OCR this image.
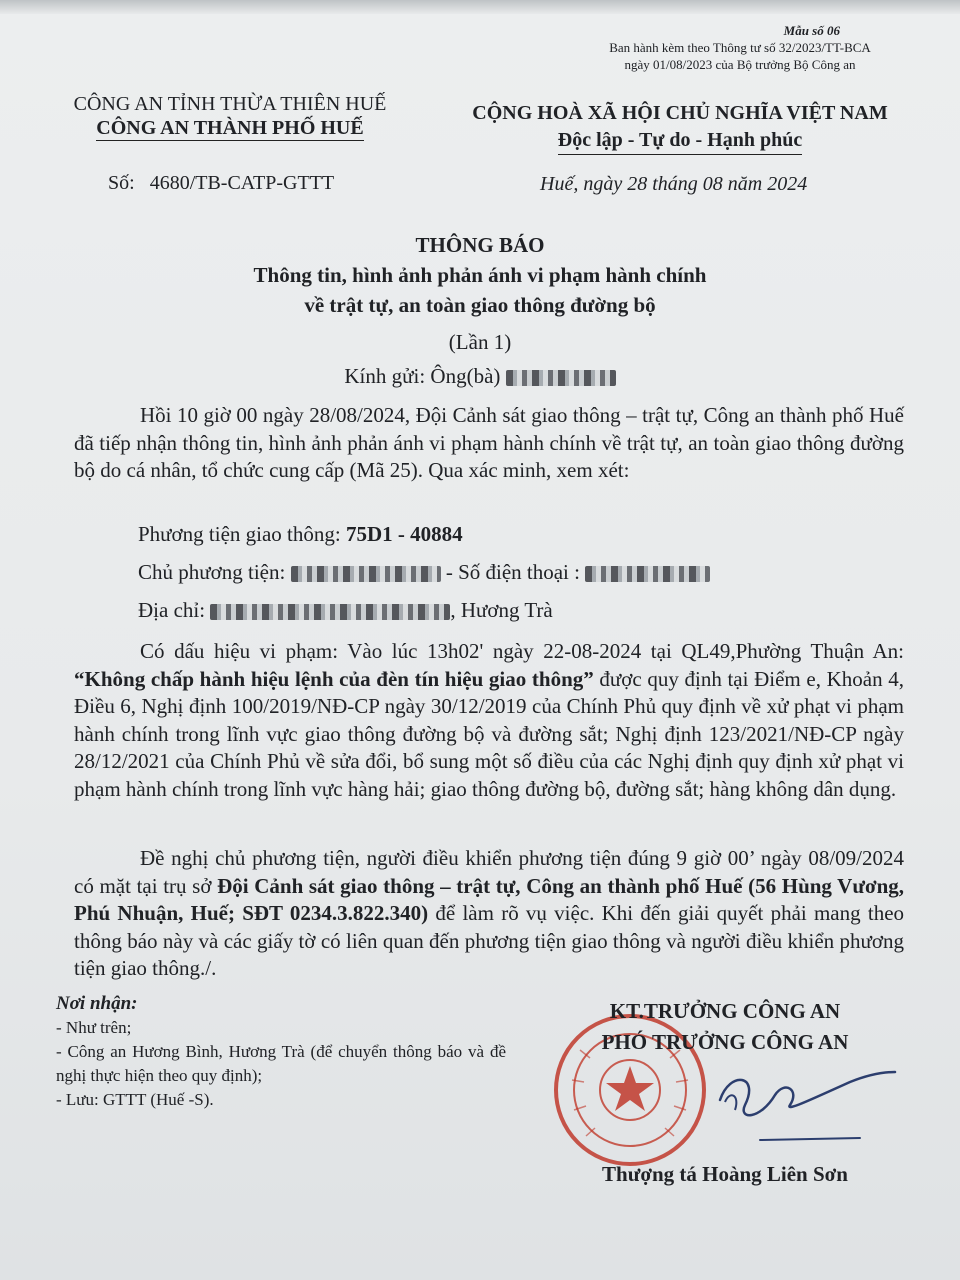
Mẫu số 06
Ban hành kèm theo Thông tư số 32/2023/TT-BCA
ngày 01/08/2023 của Bộ trưởng Bộ Công an
CÔNG AN TỈNH THỪA THIÊN HUẾ
CÔNG AN THÀNH PHỐ HUẾ
CỘNG HOÀ XÃ HỘI CHỦ NGHĨA VIỆT NAM
Độc lập - Tự do - Hạnh phúc
Số: 4680/TB-CATP-GTTT	Huế, ngày 28 tháng 08 năm 2024
THÔNG BÁO
Thông tin, hình ảnh phản ánh vi phạm hành chính
về trật tự, an toàn giao thông đường bộ
(Lần 1)
Kính gửi: Ông(bà)
Hồi 10 giờ 00 ngày 28/08/2024, Đội Cảnh sát giao thông – trật tự, Công an thành phố Huế đã tiếp nhận thông tin, hình ảnh phản ánh vi phạm hành chính về trật tự, an toàn giao thông đường bộ do cá nhân, tổ chức cung cấp (Mã 25). Qua xác minh, xem xét:
Phương tiện giao thông: 75D1 - 40884
Chủ phương tiện:	- Số điện thoại :
Địa chỉ:	, Hương Trà
Có dấu hiệu vi phạm: Vào lúc 13h02' ngày 22-08-2024 tại QL49,Phường Thuận An: “Không chấp hành hiệu lệnh của đèn tín hiệu giao thông” được quy định tại Điểm e, Khoản 4, Điều 6, Nghị định 100/2019/NĐ-CP ngày 30/12/2019 của Chính Phủ quy định về xử phạt vi phạm hành chính trong lĩnh vực giao thông đường bộ và đường sắt; Nghị định 123/2021/NĐ-CP ngày 28/12/2021 của Chính Phủ về sửa đổi, bổ sung một số điều của các Nghị định quy định xử phạt vi phạm hành chính trong lĩnh vực hàng hải; giao thông đường bộ, đường sắt; hàng không dân dụng.
Đề nghị chủ phương tiện, người điều khiển phương tiện đúng 9 giờ 00’ ngày 08/09/2024 có mặt tại trụ sở Đội Cảnh sát giao thông – trật tự, Công an thành phố Huế (56 Hùng Vương, Phú Nhuận, Huế; SĐT 0234.3.822.340) để làm rõ vụ việc. Khi đến giải quyết phải mang theo thông báo này và các giấy tờ có liên quan đến phương tiện giao thông và người điều khiển phương tiện giao thông./.
Nơi nhận:
- Như trên;
- Công an Hương Bình, Hương Trà (để chuyển thông báo và đề nghị thực hiện theo quy định);
- Lưu: GTTT (Huế -S).
KT.TRƯỞNG CÔNG AN
PHÓ TRƯỞNG CÔNG AN
Thượng tá Hoàng Liên Sơn
